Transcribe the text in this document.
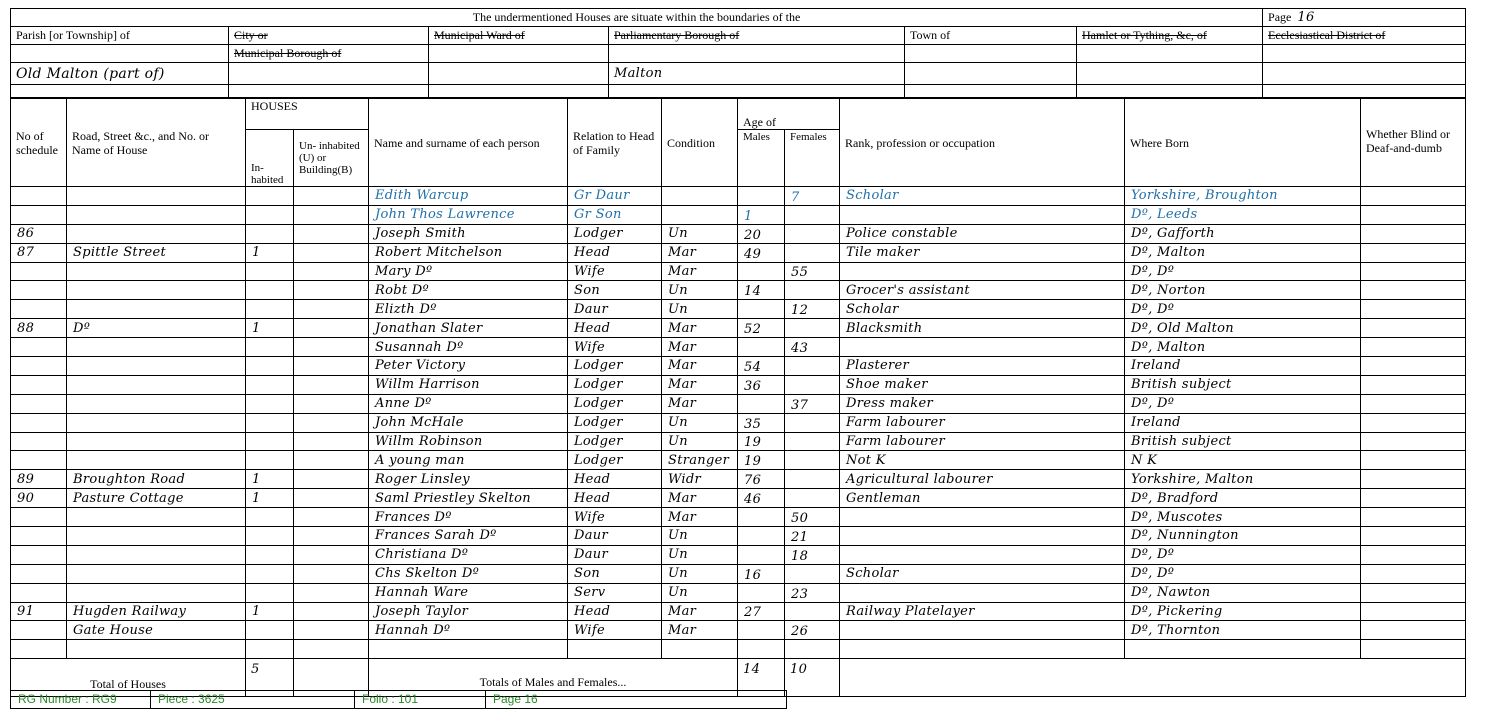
The undermentioned Houses are situate within the boundaries of the						Page 16
Parish [or Township] of	City or	Municipal Ward of	Parliamentary Borough of	Town of	Hamlet or Tything, &c, of	Ecclesiastical District of
	Municipal Borough of					
Old Malton (part of)			Malton			

No of schedule	Road, Street &c., and No. or Name of House	HOUSES		Name and surname of each person	Relation to Head of Family	Condition	Age of		Rank, profession or occupation	Where Born	Whether Blind or Deaf-and-dumb
		In- habited	Un- inhabited (U) or Building(B)				Males	Females			
				Edith Warcup	Gr Daur			7	Scholar	Yorkshire, Broughton	
				John Thos Lawrence	Gr Son		1			Dº, Leeds	
86				Joseph Smith	Lodger	Un	20		Police constable	Dº, Gafforth	
87	Spittle Street	1		Robert Mitchelson	Head	Mar	49		Tile maker	Dº, Malton	
				Mary Dº	Wife	Mar		55		Dº, Dº	
				Robt Dº	Son	Un	14		Grocer's assistant	Dº, Norton	
				Elizth Dº	Daur	Un		12	Scholar	Dº, Dº	
88	Dº	1		Jonathan Slater	Head	Mar	52		Blacksmith	Dº, Old Malton	
				Susannah Dº	Wife	Mar		43		Dº, Malton	
				Peter Victory	Lodger	Mar	54		Plasterer	Ireland	
				Willm Harrison	Lodger	Mar	36		Shoe maker	British subject	
				Anne Dº	Lodger	Mar		37	Dress maker	Dº, Dº	
				John McHale	Lodger	Un	35		Farm labourer	Ireland	
				Willm Robinson	Lodger	Un	19		Farm labourer	British subject	
				A young man	Lodger	Stranger	19		Not K	N K	
89	Broughton Road	1		Roger Linsley	Head	Widr	76		Agricultural labourer	Yorkshire, Malton	
90	Pasture Cottage	1		Saml Priestley Skelton	Head	Mar	46		Gentleman	Dº, Bradford	
				Frances Dº	Wife	Mar		50		Dº, Muscotes	
				Frances Sarah Dº	Daur	Un		21		Dº, Nunnington	
				Christiana Dº	Daur	Un		18		Dº, Dº	
				Chs Skelton Dº	Son	Un	16		Scholar	Dº, Dº	
				Hannah Ware	Serv	Un		23		Dº, Nawton	
91	Hugden Railway	1		Joseph Taylor	Head	Mar	27		Railway Platelayer	Dº, Pickering	
	Gate House			Hannah Dº	Wife	Mar		26		Dº, Thornton	

Total of Houses		5		Totals of Males and Females...			14	10			
RG Number : RG9	Piece : 3625	Folio : 101	Page 16
